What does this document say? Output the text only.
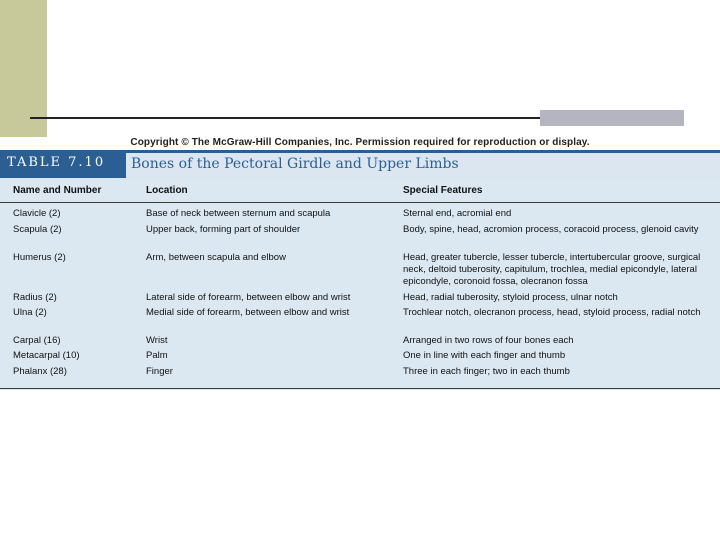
Copyright © The McGraw-Hill Companies, Inc. Permission required for reproduction or display.
TABLE 7.10	Bones of the Pectoral Girdle and Upper Limbs
Name and Number	Location	Special Features
Clavicle (2)	Base of neck between sternum and scapula	Sternal end, acromial end
Scapula (2)	Upper back, forming part of shoulder	Body, spine, head, acromion process, coracoid process, glenoid cavity
Humerus (2)	Arm, between scapula and elbow	Head, greater tubercle, lesser tubercle, intertubercular groove, surgical neck, deltoid tuberosity, capitulum, trochlea, medial epicondyle, lateral epicondyle, coronoid fossa, olecranon fossa
Radius (2)	Lateral side of forearm, between elbow and wrist	Head, radial tuberosity, styloid process, ulnar notch
Ulna (2)	Medial side of forearm, between elbow and wrist	Trochlear notch, olecranon process, head, styloid process, radial notch
Carpal (16)	Wrist	Arranged in two rows of four bones each
Metacarpal (10)	Palm	One in line with each finger and thumb
Phalanx (28)	Finger	Three in each finger; two in each thumb
